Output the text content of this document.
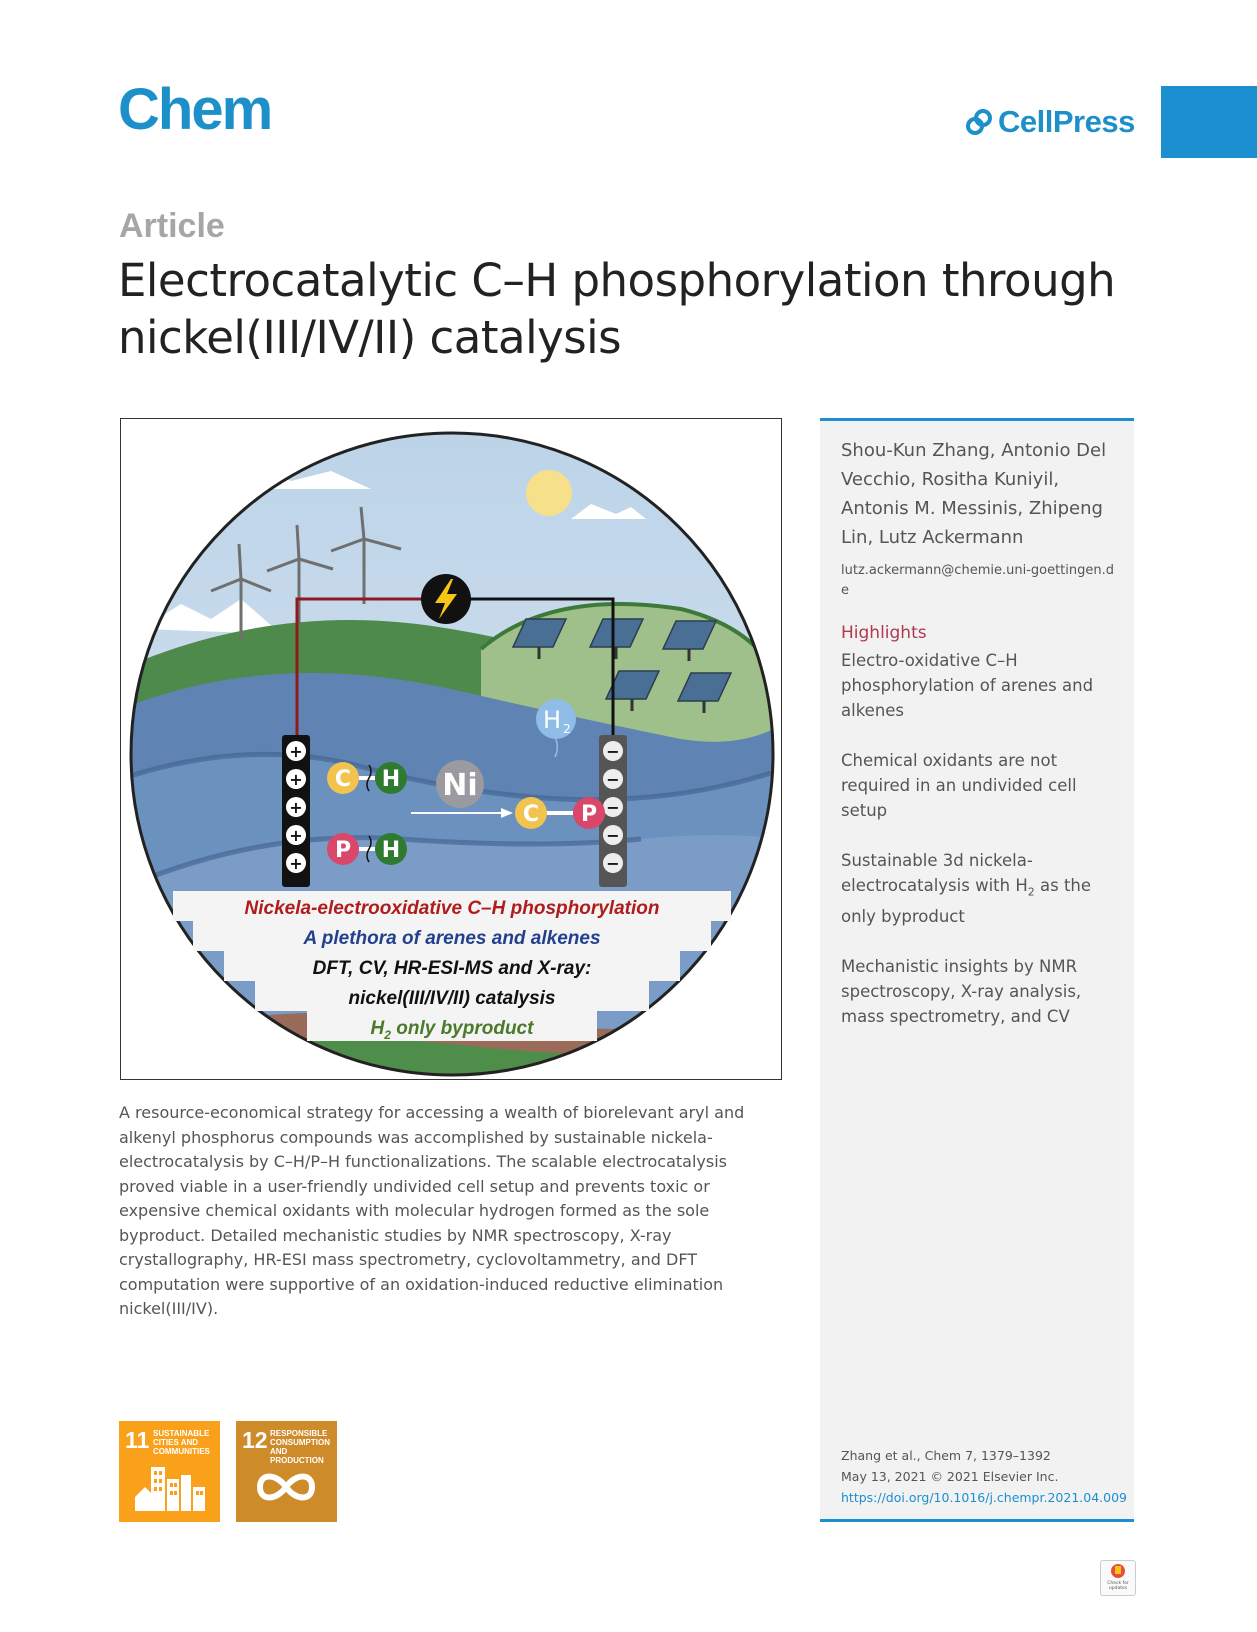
Chem	CellPress
Article
Electrocatalytic C–H phosphorylation through nickel(III/IV/II) catalysis
+
+
+
+
+
−
−
−
−
−
H 2
C H
P H
Ni
C P
Nickela-electrooxidative C–H phosphorylation
A plethora of arenes and alkenes
DFT, CV, HR-ESI-MS and X-ray:
nickel(III/IV/II) catalysis
$H_2$ only byproduct
A resource-economical strategy for accessing a wealth of biorelevant aryl and alkenyl phosphorus compounds was accomplished by sustainable nickela-electrocatalysis by C–H/P–H functionalizations. The scalable electrocatalysis proved viable in a user-friendly undivided cell setup and prevents toxic or expensive chemical oxidants with molecular hydrogen formed as the sole byproduct. Detailed mechanistic studies by NMR spectroscopy, X-ray crystallography, HR-ESI mass spectrometry, cyclovoltammetry, and DFT computation were supportive of an oxidation-induced reductive elimination nickel(III/IV).
Shou-Kun Zhang, Antonio Del Vecchio, Rositha Kuniyil, Antonis M. Messinis, Zhipeng Lin, Lutz Ackermann
lutz.ackermann@chemie.uni-goettingen.de
Highlights
Electro-oxidative C–H phosphorylation of arenes and alkenes
Chemical oxidants are not required in an undivided cell setup
Sustainable 3d nickela-electrocatalysis with $H_2$ as the only byproduct
Mechanistic insights by NMR spectroscopy, X-ray analysis, mass spectrometry, and CV
Zhang et al., Chem 7, 1379–1392
May 13, 2021 © 2021 Elsevier Inc.
https://doi.org/10.1016/j.chempr.2021.04.009
11 SUSTAINABLE CITIES AND COMMUNITIES	12 RESPONSIBLE CONSUMPTION AND PRODUCTION
Check for updates
